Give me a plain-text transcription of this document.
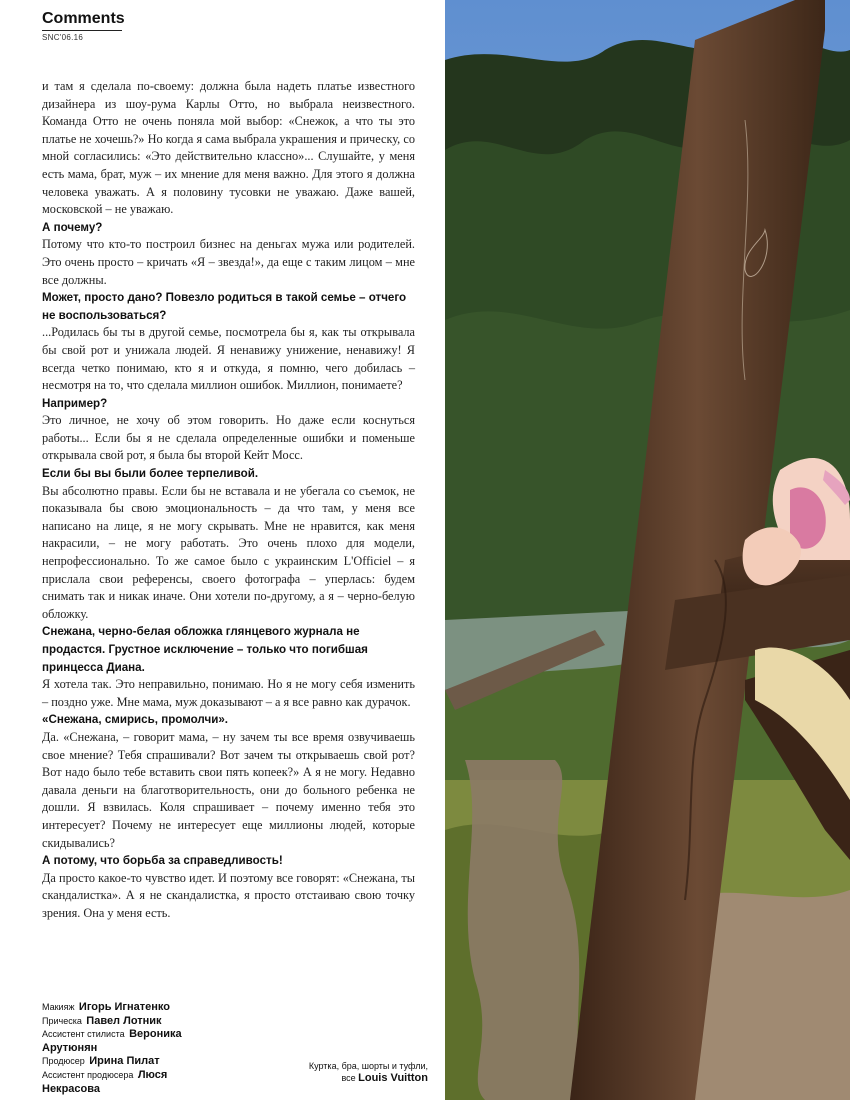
Comments
SNC'06.16

и там я сделала по-своему: должна была надеть платье известного дизайнера из шоу-рума Карлы Отто, но выбрала неизвестного. Команда Отто не очень поняла мой выбор: «Снежок, а что ты это платье не хочешь?» Но когда я сама выбрала украшения и прическу, со мной согласились: «Это действительно классно»... Слушайте, у меня есть мама, брат, муж – их мнение для меня важно. Для этого я должна человека уважать. А я половину тусовки не уважаю. Даже вашей, московской – не уважаю.

А почему?

Потому что кто-то построил бизнес на деньгах мужа или родителей. Это очень просто – кричать «Я – звезда!», да еще с таким лицом – мне все должны.

Может, просто дано? Повезло родиться в такой семье – отчего не воспользоваться?

...Родилась бы ты в другой семье, посмотрела бы я, как ты открывала бы свой рот и унижала людей. Я ненавижу унижение, ненавижу! Я всегда четко понимаю, кто я и откуда, я помню, чего добилась – несмотря на то, что сделала миллион ошибок. Миллион, понимаете?

Например?

Это личное, не хочу об этом говорить. Но даже если коснуться работы... Если бы я не сделала определенные ошибки и поменьше открывала свой рот, я была бы второй Кейт Мосс.

Если бы вы были более терпеливой.

Вы абсолютно правы. Если бы не вставала и не убегала со съемок, не показывала бы свою эмоциональность – да что там, у меня все написано на лице, я не могу скрывать. Мне не нравится, как меня накрасили, – не могу работать. Это очень плохо для модели, непрофессионально. То же самое было с украинским L'Officiel – я прислала свои референсы, своего фотографа – уперлась: будем снимать так и никак иначе. Они хотели по-другому, а я – черно-белую обложку.

Снежана, черно-белая обложка глянцевого журнала не продастся. Грустное исключение – только что погибшая принцесса Диана.

Я хотела так. Это неправильно, понимаю. Но я не могу себя изменить – поздно уже. Мне мама, муж доказывают – а я все равно как дурачок.

«Снежана, смирись, промолчи».

Да. «Снежана, – говорит мама, – ну зачем ты все время озвучиваешь свое мнение? Тебя спрашивали? Вот зачем ты открываешь свой рот? Вот надо было тебе вставить свои пять копеек?» А я не могу. Недавно давала деньги на благотворительность, они до больного ребенка не дошли. Я взвилась. Коля спрашивает – почему именно тебя это интересует? Почему не интересует еще миллионы людей, которые скидывались?

А потому, что борьба за справедливость!

Да просто какое-то чувство идет. И поэтому все говорят: «Снежана, ты скандалистка». А я не скандалистка, я просто отстаиваю свою точку зрения. Она у меня есть.

Макияж Игорь Игнатенко
Прическа Павел Лотник
Ассистент стилиста Вероника Арутюнян
Продюсер Ирина Пилат
Ассистент продюсера Люся Некрасова
Куртка, бра, шорты и туфли,
все Louis Vuitton
